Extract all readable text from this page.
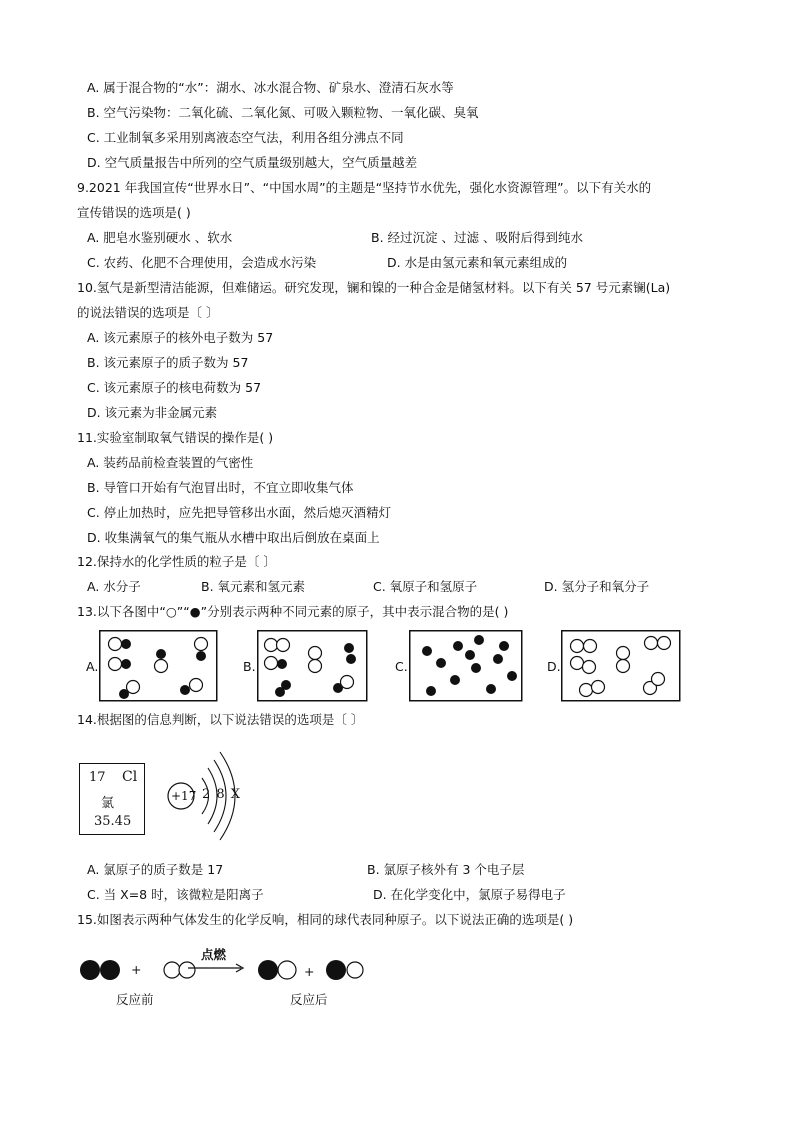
A. 属于混合物的“水”：湖水、冰水混合物、矿泉水、澄清石灰水等
B. 空气污染物：二氧化硫、二氧化氮、可吸入颗粒物、一氧化碳、臭氧
C. 工业制氧多采用别离液态空气法，利用各组分沸点不同
D. 空气质量报告中所列的空气质量级别越大，空气质量越差
9.2021 年我国宣传“世界水日”、“中国水周”的主题是“坚持节水优先，强化水资源管理”。以下有关水的
宣传错误的选项是( )
A. 肥皂水鉴别硬水 、软水	B. 经过沉淀 、过滤 、吸附后得到纯水
C. 农药、化肥不合理使用，会造成水污染	D. 水是由氢元素和氧元素组成的
10.氢气是新型清洁能源，但难储运。研究发现，镧和镍的一种合金是储氢材料。以下有关 57 号元素镧(La)
的说法错误的选项是〔 〕
A. 该元素原子的核外电子数为 57
B. 该元素原子的质子数为 57
C. 该元素原子的核电荷数为 57
D. 该元素为非金属元素
11.实验室制取氧气错误的操作是( )
A. 装药品前检查装置的气密性
B. 导管口开始有气泡冒出时，不宜立即收集气体
C. 停止加热时，应先把导管移出水面，然后熄灭酒精灯
D. 收集满氧气的集气瓶从水槽中取出后倒放在桌面上
12.保持水的化学性质的粒子是〔 〕
A. 水分子	B. 氧元素和氢元素	C. 氧原子和氢原子	D. 氢分子和氧分子
13.以下各图中“○”“●”分别表示两种不同元素的原子，其中表示混合物的是( )
A.	B.	C.	D.
14.根据图的信息判断，以下说法错误的选项是〔 〕
17 Cl
氯
35.45
+17 2 8 X
A. 氯原子的质子数是 17	B. 氯原子核外有 3 个电子层
C. 当 X=8 时，该微粒是阳离子	D. 在化学变化中，氯原子易得电子
15.如图表示两种气体发生的化学反响，相同的球代表同种原子。以下说法正确的选项是( )
点燃
+	+
反应前	反应后
